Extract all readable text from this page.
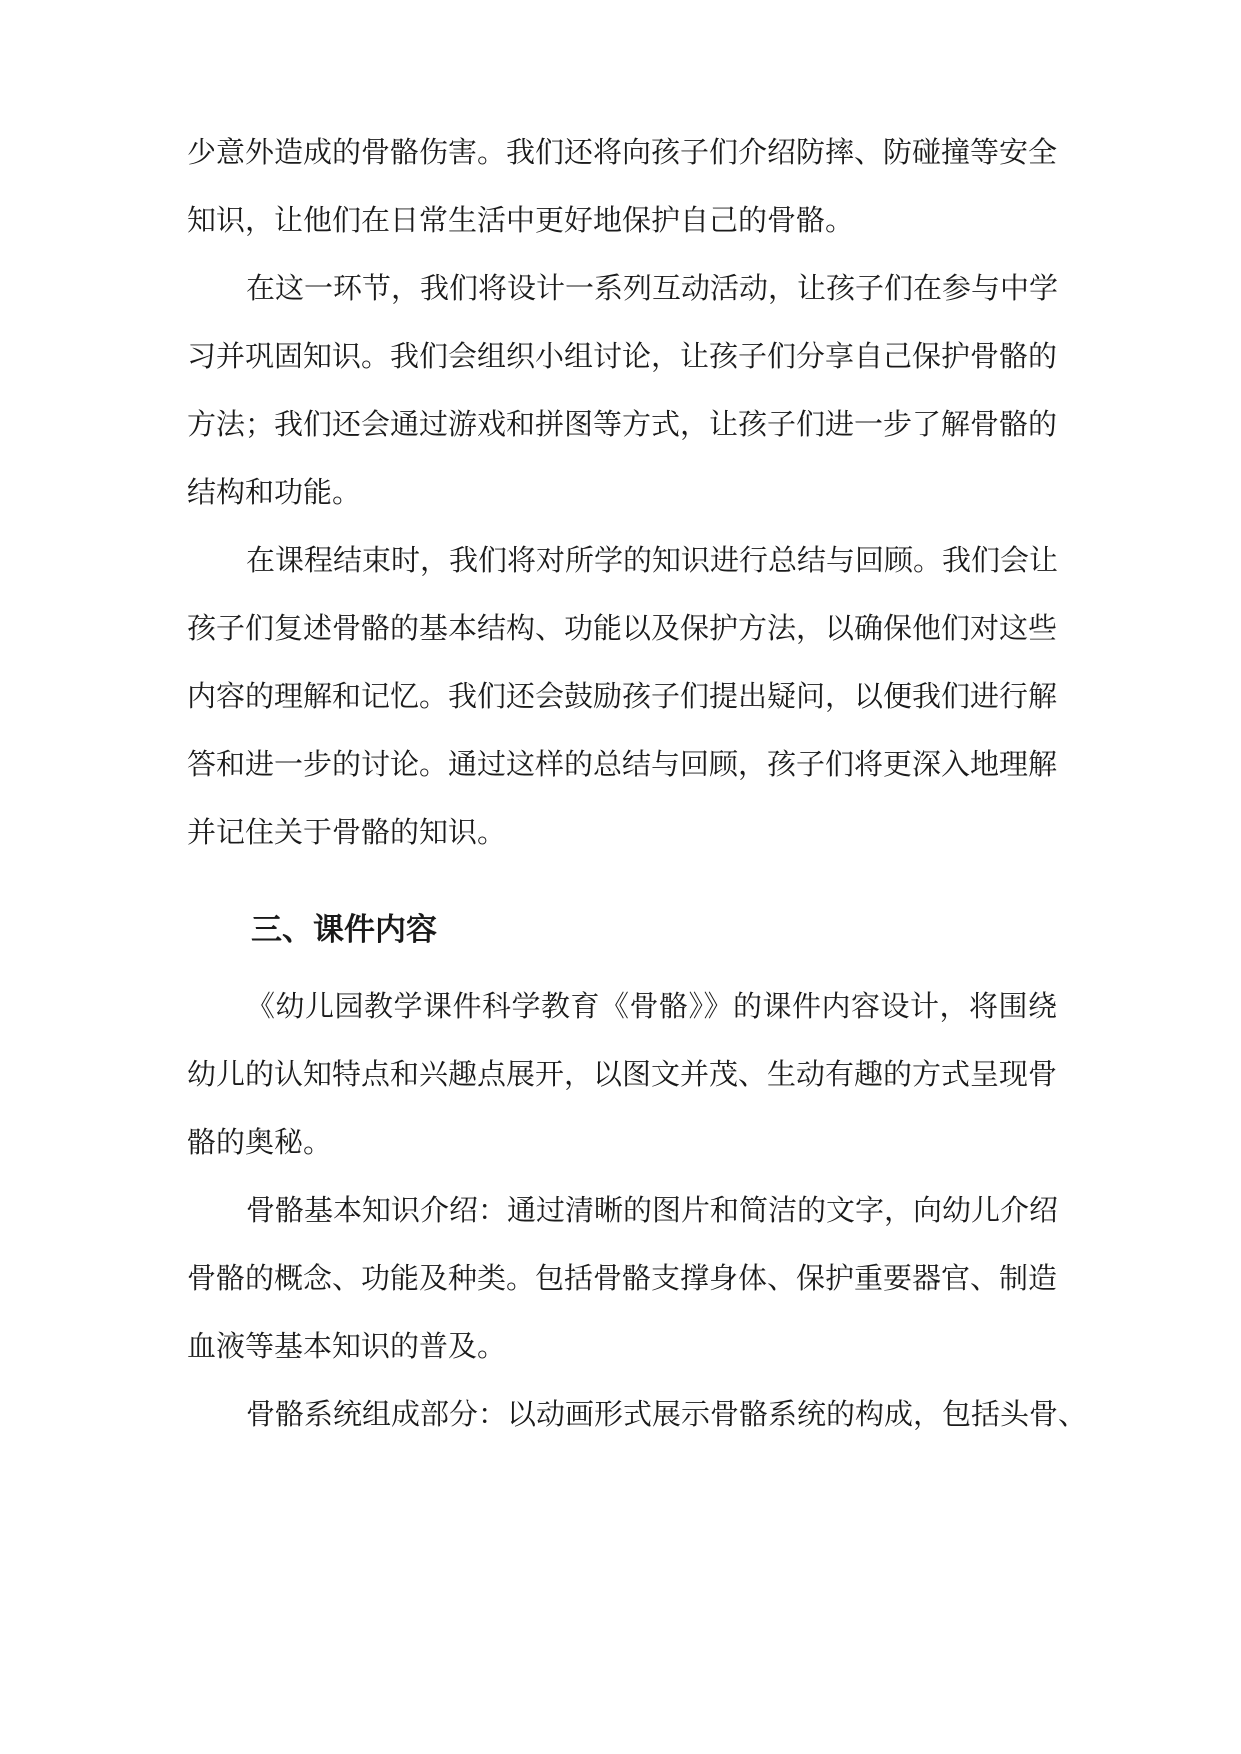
少意外造成的骨骼伤害。我们还将向孩子们介绍防摔、防碰撞等安全

知识，让他们在日常生活中更好地保护自己的骨骼。

在这一环节，我们将设计一系列互动活动，让孩子们在参与中学

习并巩固知识。我们会组织小组讨论，让孩子们分享自己保护骨骼的

方法；我们还会通过游戏和拼图等方式，让孩子们进一步了解骨骼的

结构和功能。

在课程结束时，我们将对所学的知识进行总结与回顾。我们会让

孩子们复述骨骼的基本结构、功能以及保护方法，以确保他们对这些

内容的理解和记忆。我们还会鼓励孩子们提出疑问，以便我们进行解

答和进一步的讨论。通过这样的总结与回顾，孩子们将更深入地理解

并记住关于骨骼的知识。

三、课件内容

《幼儿园教学课件科学教育《骨骼》》的课件内容设计，将围绕

幼儿的认知特点和兴趣点展开，以图文并茂、生动有趣的方式呈现骨

骼的奥秘。

骨骼基本知识介绍：通过清晰的图片和简洁的文字，向幼儿介绍

骨骼的概念、功能及种类。包括骨骼支撑身体、保护重要器官、制造

血液等基本知识的普及。

骨骼系统组成部分：以动画形式展示骨骼系统的构成，包括头骨、
